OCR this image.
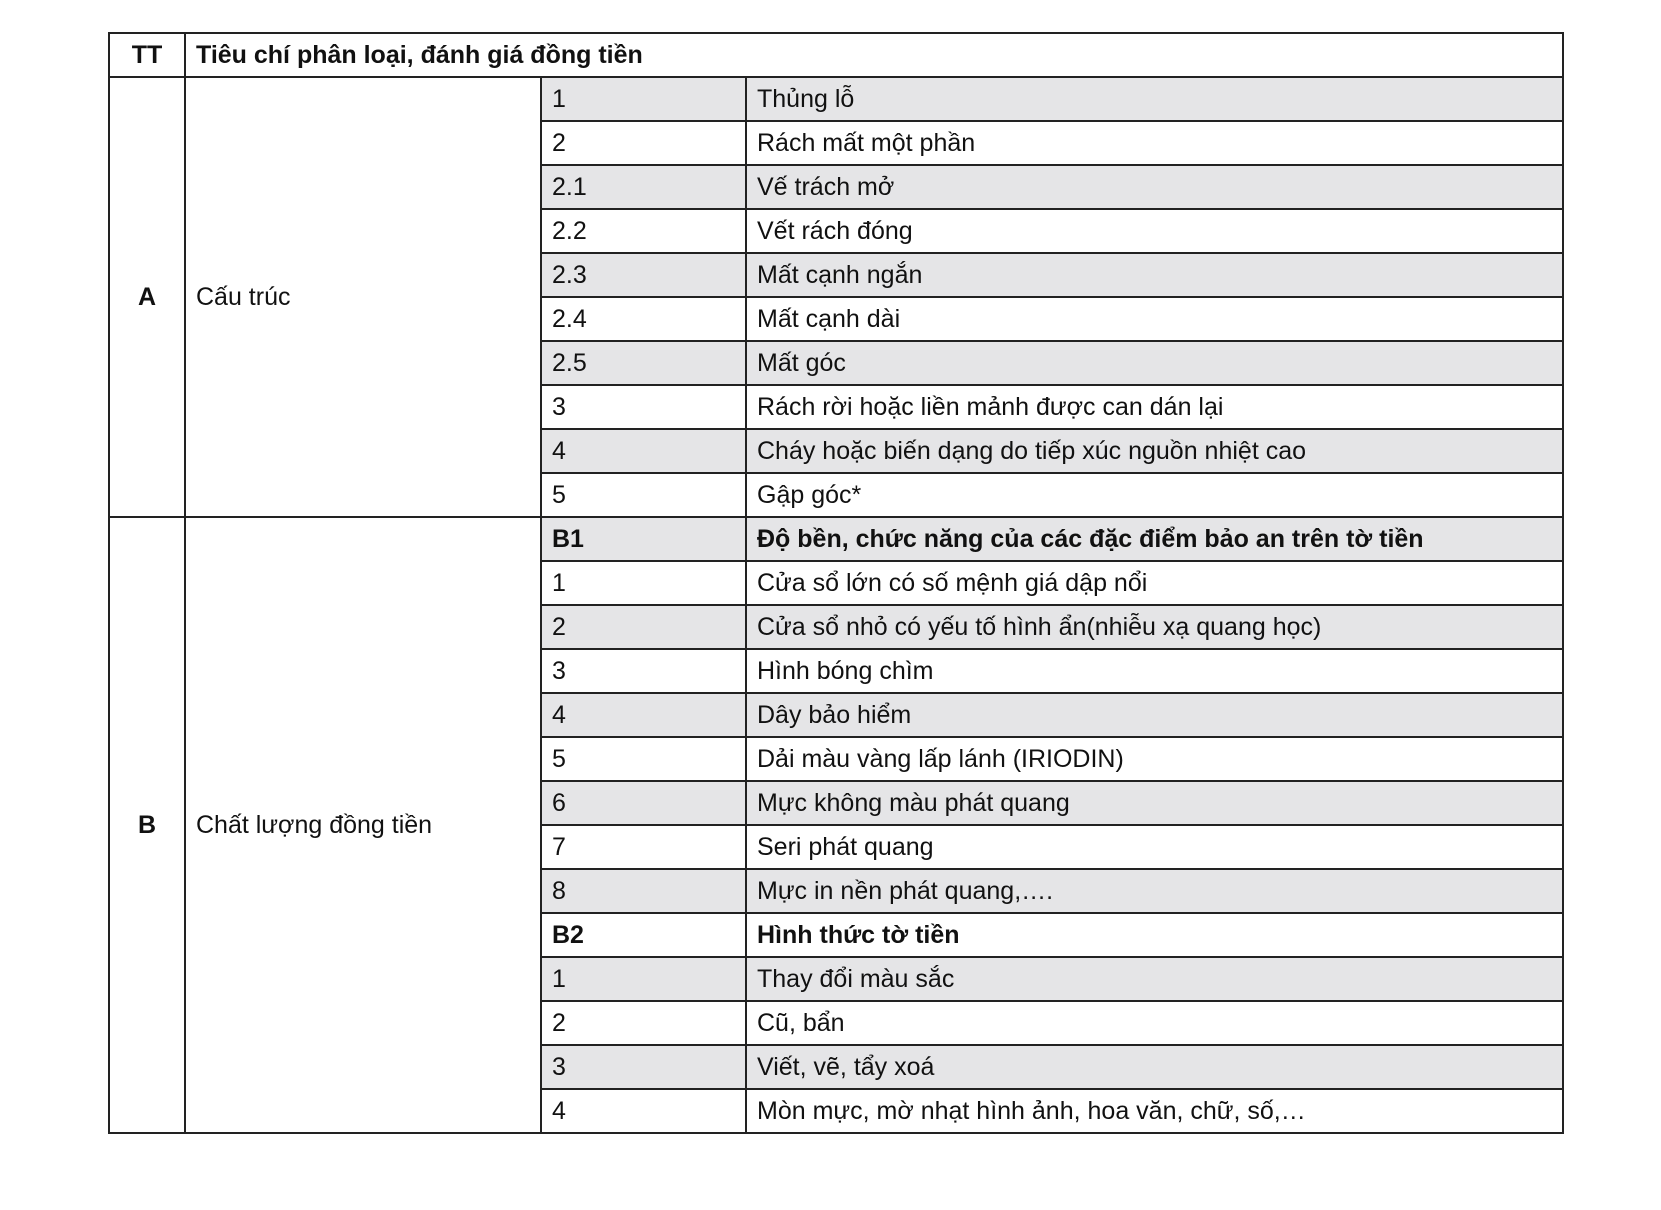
TT	Tiêu chí phân loại, đánh giá đồng tiền		
A	Cấu trúc	1	Thủng lỗ
		2	Rách mất một phần
		2.1	Vế trách mở
		2.2	Vết rách đóng
		2.3	Mất cạnh ngắn
		2.4	Mất cạnh dài
		2.5	Mất góc
		3	Rách rời hoặc liền mảnh được can dán lại
		4	Cháy hoặc biến dạng do tiếp xúc nguồn nhiệt cao
		5	Gập góc*
B	Chất lượng đồng tiền	B1	Độ bền, chức năng của các đặc điểm bảo an trên tờ tiền
		1	Cửa sổ lớn có số mệnh giá dập nổi
		2	Cửa sổ nhỏ có yếu tố hình ẩn(nhiễu xạ quang học)
		3	Hình bóng chìm
		4	Dây bảo hiểm
		5	Dải màu vàng lấp lánh (IRIODIN)
		6	Mực không màu phát quang
		7	Seri phát quang
		8	Mực in nền phát quang,….
		B2	Hình thức tờ tiền
		1	Thay đổi màu sắc
		2	Cũ, bẩn
		3	Viết, vẽ, tẩy xoá
		4	Mòn mực, mờ nhạt hình ảnh, hoa văn, chữ, số,…
